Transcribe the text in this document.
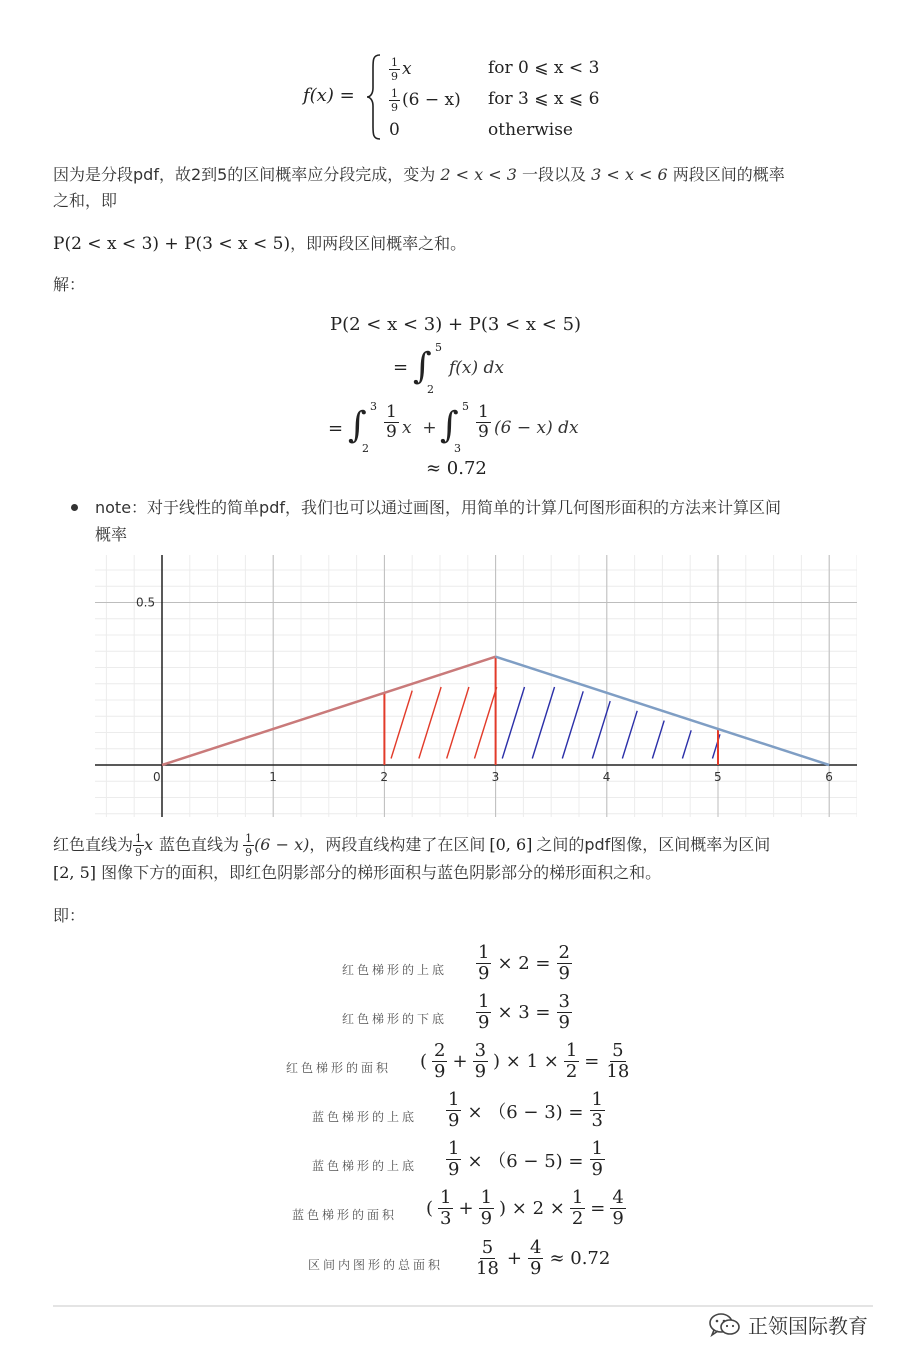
f(x) =
$\frac{1}{9}$ x	for 0 ⩽ x < 3
$\frac{1}{9} (6 - x)$ for 3 ⩽ x ⩽ 6
0	otherwise
因为是分段pdf，故2到5的区间概率应分段完成，变为 2 < x < 3 一段以及 3 < x < 6 两段区间的概率
之和，即
P(2 < x < 3) + P(3 < x < 5)，即两段区间概率之和。
解：
P(2 < x < 3) + P(3 < x < 5)
= ∫ 5
2
f(x) dx
= ∫ 3
2
$\frac{1}{9}$ x  + ∫ 5
3
$\frac{1}{9} (6 - x)$ dx
≈ 0.72
note：对于线性的简单pdf，我们也可以通过画图，用简单的计算几何图形面积的方法来计算区间
概率
0	1	2	3	4	5	6
0.5
红色直线为 $\frac{1}{9}$ x 蓝色直线为 $\frac{1}{9} (6 - x)$ ，两段直线构建了在区间 [0, 6] 之间的pdf图像，区间概率为区间
[2, 5] 图像下方的面积，即红色阴影部分的梯形面积与蓝色阴影部分的梯形面积之和。
即：
红色梯形的上底 $\frac{1}{9} \times 2 = \frac{2}{9}$
红色梯形的下底 $\frac{1}{9} \times 3 = \frac{3}{9}$
红色梯形的面积 ( $\frac{2}{9} + \frac{3}{9}$ ) × $1 \times \frac{1}{2} = \frac{5}{18}$
蓝色梯形的上底 $\frac{1}{9} \times (6 - 3) = \frac{1}{3}$
蓝色梯形的上底 $\frac{1}{9} \times (6 - 5) = \frac{1}{9}$
蓝色梯形的面积 ( $\frac{1}{3} + \frac{1}{9}$ ) × $2 \times \frac{1}{2} = \frac{4}{9}$
区间内图形的总面积 $\frac{5}{18} + \frac{4}{9} \approx 0.72$
正领国际教育
